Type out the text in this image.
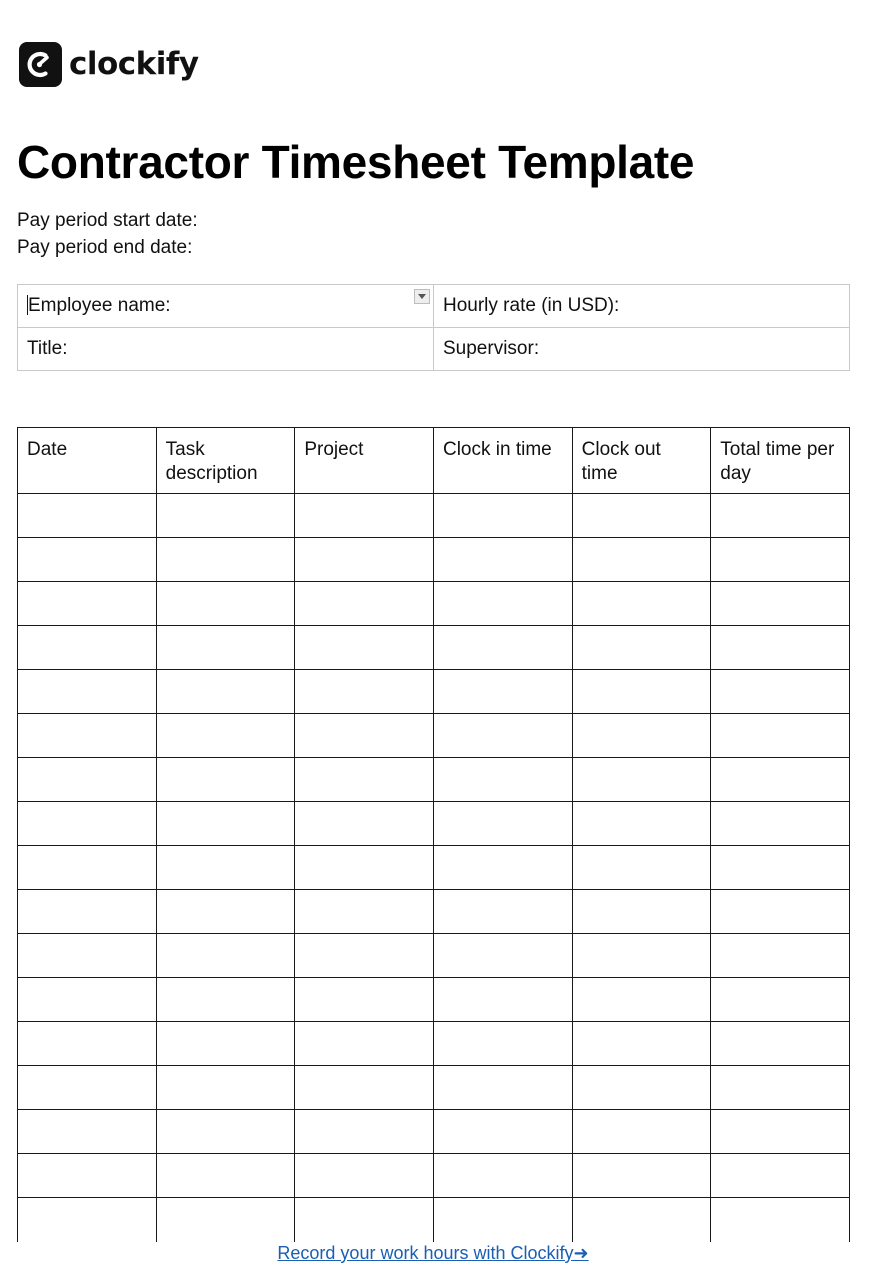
clockify
Contractor Timesheet Template
Pay period start date:
Pay period end date:
Employee name:	Hourly rate (in USD):
Title:	Supervisor:
Date	Task description	Project	Clock in time	Clock out time	Total time per day

Record your work hours with Clockify➜
